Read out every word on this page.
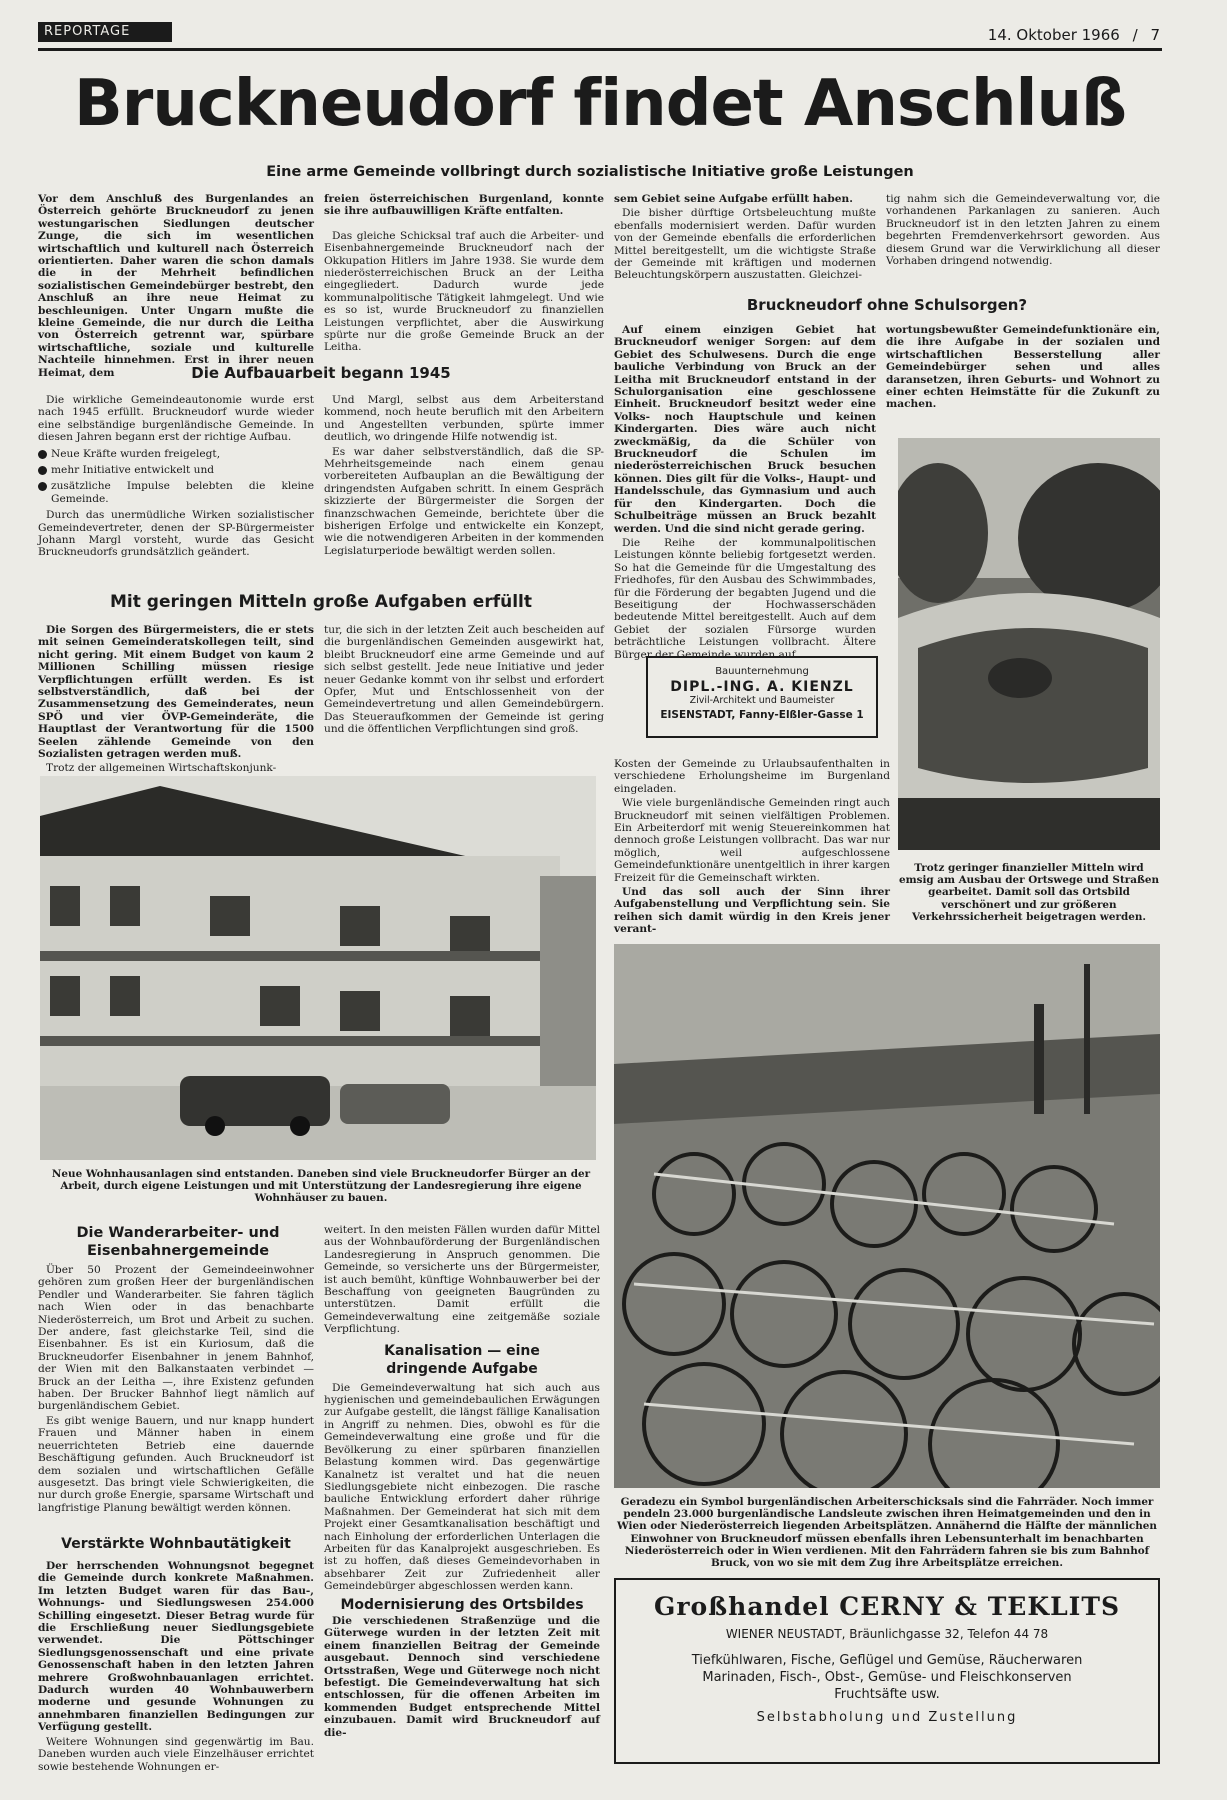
REPORTAGE	14. Oktober 1966 / 7
Bruckneudorf findet Anschluß
Eine arme Gemeinde vollbringt durch sozialistische Initiative große Leistungen
Vor dem Anschluß des Burgenlandes an Österreich gehörte Bruckneudorf zu jenen westungarischen Siedlungen deutscher Zunge, die sich im wesentlichen wirtschaftlich und kulturell nach Österreich orientierten. Daher waren die schon damals die in der Mehrheit befindlichen sozialistischen Gemeindebürger bestrebt, den Anschluß an ihre neue Heimat zu beschleunigen. Unter Ungarn mußte die kleine Gemeinde, die nur durch die Leitha von Österreich getrennt war, spürbare wirtschaftliche, soziale und kulturelle Nachteile hinnehmen. Erst in ihrer neuen Heimat, dem

freien österreichischen Burgenland, konnte sie ihre aufbauwilligen Kräfte entfalten.

Das gleiche Schicksal traf auch die Arbeiter- und Eisenbahnergemeinde Bruckneudorf nach der Okkupation Hitlers im Jahre 1938. Sie wurde dem niederösterreichischen Bruck an der Leitha eingegliedert. Dadurch wurde jede kommunalpolitische Tätigkeit lahmgelegt. Und wie es so ist, wurde Bruckneudorf zu finanziellen Leistungen verpflichtet, aber die Auswirkung spürte nur die große Gemeinde Bruck an der Leitha.

sem Gebiet seine Aufgabe erfüllt haben.

Die bisher dürftige Ortsbeleuchtung mußte ebenfalls modernisiert werden. Dafür wurden von der Gemeinde ebenfalls die erforderlichen Mittel bereitgestellt, um die wichtigste Straße der Gemeinde mit kräftigen und modernen Beleuchtungskörpern auszustatten. Gleichzei-

tig nahm sich die Gemeindeverwaltung vor, die vorhandenen Parkanlagen zu sanieren. Auch Bruckneudorf ist in den letzten Jahren zu einem begehrten Fremdenverkehrsort geworden. Aus diesem Grund war die Verwirklichung all dieser Vorhaben dringend notwendig.
Die Aufbauarbeit begann 1945

Die wirkliche Gemeindeautonomie wurde erst nach 1945 erfüllt. Bruckneudorf wurde wieder eine selbständige burgenländische Gemeinde. In diesen Jahren begann erst der richtige Aufbau.

Neue Kräfte wurden freigelegt,
mehr Initiative entwickelt und
zusätzliche Impulse belebten die kleine Gemeinde.

Durch das unermüdliche Wirken sozialistischer Gemeindevertreter, denen der SP-Bürgermeister Johann Margl vorsteht, wurde das Gesicht Bruckneudorfs grundsätzlich geändert.

Und Margl, selbst aus dem Arbeiterstand kommend, noch heute beruflich mit den Arbeitern und Angestellten verbunden, spürte immer deutlich, wo dringende Hilfe notwendig ist.

Es war daher selbstverständlich, daß die SP-Mehrheitsgemeinde nach einem genau vorbereiteten Aufbauplan an die Bewältigung der dringendsten Aufgaben schritt. In einem Gespräch skizzierte der Bürgermeister die Sorgen der finanzschwachen Gemeinde, berichtete über die bisherigen Erfolge und entwickelte ein Konzept, wie die notwendigeren Arbeiten in der kommenden Legislaturperiode bewältigt werden sollen.

Bruckneudorf ohne Schulsorgen?

Auf einem einzigen Gebiet hat Bruckneudorf weniger Sorgen: auf dem Gebiet des Schulwesens. Durch die enge bauliche Verbindung von Bruck an der Leitha mit Bruckneudorf entstand in der Schulorganisation eine geschlossene Einheit. Bruckneudorf besitzt weder eine Volks- noch Hauptschule und keinen Kindergarten. Dies wäre auch nicht zweckmäßig, da die Schüler von Bruckneudorf die Schulen im niederösterreichischen Bruck besuchen können. Dies gilt für die Volks-, Haupt- und Handelsschule, das Gymnasium und auch für den Kindergarten. Doch die Schulbeiträge müssen an Bruck bezahlt werden. Und die sind nicht gerade gering.

Die Reihe der kommunalpolitischen Leistungen könnte beliebig fortgesetzt werden. So hat die Gemeinde für die Umgestaltung des Friedhofes, für den Ausbau des Schwimmbades, für die Förderung der begabten Jugend und die Beseitigung der Hochwasserschäden bedeutende Mittel bereitgestellt. Auch auf dem Gebiet der sozialen Fürsorge wurden beträchtliche Leistungen vollbracht. Ältere Bürger der Gemeinde wurden auf

wortungsbewußter Gemeindefunktionäre ein, die ihre Aufgabe in der sozialen und wirtschaftlichen Besserstellung aller Gemeindebürger sehen und alles daransetzen, ihren Geburts- und Wohnort zu einer echten Heimstätte für die Zukunft zu machen.
Mit geringen Mitteln große Aufgaben erfüllt

Die Sorgen des Bürgermeisters, die er stets mit seinen Gemeinderatskollegen teilt, sind nicht gering. Mit einem Budget von kaum 2 Millionen Schilling müssen riesige Verpflichtungen erfüllt werden. Es ist selbstverständlich, daß bei der Zusammensetzung des Gemeinderates, neun SPÖ und vier ÖVP-Gemeinderäte, die Hauptlast der Verantwortung für die 1500 Seelen zählende Gemeinde von den Sozialisten getragen werden muß.

Trotz der allgemeinen Wirtschaftskonjunk-

tur, die sich in der letzten Zeit auch bescheiden auf die burgenländischen Gemeinden ausgewirkt hat, bleibt Bruckneudorf eine arme Gemeinde und auf sich selbst gestellt. Jede neue Initiative und jeder neuer Gedanke kommt von ihr selbst und erfordert Opfer, Mut und Entschlossenheit von der Gemeindevertretung und allen Gemeindebürgern. Das Steueraufkommen der Gemeinde ist gering und die öffentlichen Verpflichtungen sind groß.
Bauunternehmung
DIPL.-ING. A. KIENZL
Zivil-Architekt und Baumeister
EISENSTADT, Fanny-Elßler-Gasse 1

Kosten der Gemeinde zu Urlaubsaufenthalten in verschiedene Erholungsheime im Burgenland eingeladen.

Wie viele burgenländische Gemeinden ringt auch Bruckneudorf mit seinen vielfältigen Problemen. Ein Arbeiterdorf mit wenig Steuereinkommen hat dennoch große Leistungen vollbracht. Das war nur möglich, weil aufgeschlossene Gemeindefunktionäre unentgeltlich in ihrer kargen Freizeit für die Gemeinschaft wirkten.

Und das soll auch der Sinn ihrer Aufgabenstellung und Verpflichtung sein. Sie reihen sich damit würdig in den Kreis jener verant-

Trotz geringer finanzieller Mitteln wird emsig am Ausbau der Ortswege und Straßen gearbeitet. Damit soll das Ortsbild verschönert und zur größeren Verkehrssicherheit beigetragen werden.
Neue Wohnhausanlagen sind entstanden. Daneben sind viele Bruckneudorfer Bürger an der Arbeit, durch eigene Leistungen und mit Unterstützung der Landesregierung ihre eigene Wohnhäuser zu bauen.
Die Wanderarbeiter- und Eisenbahnergemeinde

Über 50 Prozent der Gemeindeeinwohner gehören zum großen Heer der burgenländischen Pendler und Wanderarbeiter. Sie fahren täglich nach Wien oder in das benachbarte Niederösterreich, um Brot und Arbeit zu suchen. Der andere, fast gleichstarke Teil, sind die Eisenbahner. Es ist ein Kuriosum, daß die Bruckneudorfer Eisenbahner in jenem Bahnhof, der Wien mit den Balkanstaaten verbindet — Bruck an der Leitha —, ihre Existenz gefunden haben. Der Brucker Bahnhof liegt nämlich auf burgenländischem Gebiet.

Es gibt wenige Bauern, und nur knapp hundert Frauen und Männer haben in einem neuerrichteten Betrieb eine dauernde Beschäftigung gefunden. Auch Bruckneudorf ist dem sozialen und wirtschaftlichen Gefälle ausgesetzt. Das bringt viele Schwierigkeiten, die nur durch große Energie, sparsame Wirtschaft und langfristige Planung bewältigt werden können.

Verstärkte Wohnbautätigkeit

Der herrschenden Wohnungsnot begegnet die Gemeinde durch konkrete Maßnahmen. Im letzten Budget waren für das Bau-, Wohnungs- und Siedlungswesen 254.000 Schilling eingesetzt. Dieser Betrag wurde für die Erschließung neuer Siedlungsgebiete verwendet. Die Pöttschinger Siedlungsgenossenschaft und eine private Genossenschaft haben in den letzten Jahren mehrere Großwohnbauanlagen errichtet. Dadurch wurden 40 Wohnbauwerbern moderne und gesunde Wohnungen zu annehmbaren finanziellen Bedingungen zur Verfügung gestellt.

Weitere Wohnungen sind gegenwärtig im Bau. Daneben wurden auch viele Einzelhäuser errichtet sowie bestehende Wohnungen er-

weitert. In den meisten Fällen wurden dafür Mittel aus der Wohnbauförderung der Burgenländischen Landesregierung in Anspruch genommen. Die Gemeinde, so versicherte uns der Bürgermeister, ist auch bemüht, künftige Wohnbauwerber bei der Beschaffung von geeigneten Baugründen zu unterstützen. Damit erfüllt die Gemeindeverwaltung eine zeitgemäße soziale Verpflichtung.

Kanalisation — eine dringende Aufgabe

Die Gemeindeverwaltung hat sich auch aus hygienischen und gemeindebaulichen Erwägungen zur Aufgabe gestellt, die längst fällige Kanalisation in Angriff zu nehmen. Dies, obwohl es für die Gemeindeverwaltung eine große und für die Bevölkerung zu einer spürbaren finanziellen Belastung kommen wird. Das gegenwärtige Kanalnetz ist veraltet und hat die neuen Siedlungsgebiete nicht einbezogen. Die rasche bauliche Entwicklung erfordert daher rührige Maßnahmen. Der Gemeinderat hat sich mit dem Projekt einer Gesamtkanalisation beschäftigt und nach Einholung der erforderlichen Unterlagen die Arbeiten für das Kanalprojekt ausgeschrieben. Es ist zu hoffen, daß dieses Gemeindevorhaben in absehbarer Zeit zur Zufriedenheit aller Gemeindebürger abgeschlossen werden kann.

Modernisierung des Ortsbildes

Die verschiedenen Straßenzüge und die Güterwege wurden in der letzten Zeit mit einem finanziellen Beitrag der Gemeinde ausgebaut. Dennoch sind verschiedene Ortsstraßen, Wege und Güterwege noch nicht befestigt. Die Gemeindeverwaltung hat sich entschlossen, für die offenen Arbeiten im kommenden Budget entsprechende Mittel einzubauen. Damit wird Bruckneudorf auf die-

Geradezu ein Symbol burgenländischen Arbeiterschicksals sind die Fahrräder. Noch immer pendeln 23.000 burgenländische Landsleute zwischen ihren Heimatgemeinden und den in Wien oder Niederösterreich liegenden Arbeitsplätzen. Annähernd die Hälfte der männlichen Einwohner von Bruckneudorf müssen ebenfalls ihren Lebensunterhalt im benachbarten Niederösterreich oder in Wien verdienen. Mit den Fahrrädern fahren sie bis zum Bahnhof Bruck, von wo sie mit dem Zug ihre Arbeitsplätze erreichen.
Großhandel CERNY & TEKLITS
WIENER NEUSTADT, Bräunlichgasse 32, Telefon 44 78
Tiefkühlwaren, Fische, Geflügel und Gemüse, Räucherwaren
Marinaden, Fisch-, Obst-, Gemüse- und Fleischkonserven
Fruchtsäfte usw.
Selbstabholung und Zustellung
